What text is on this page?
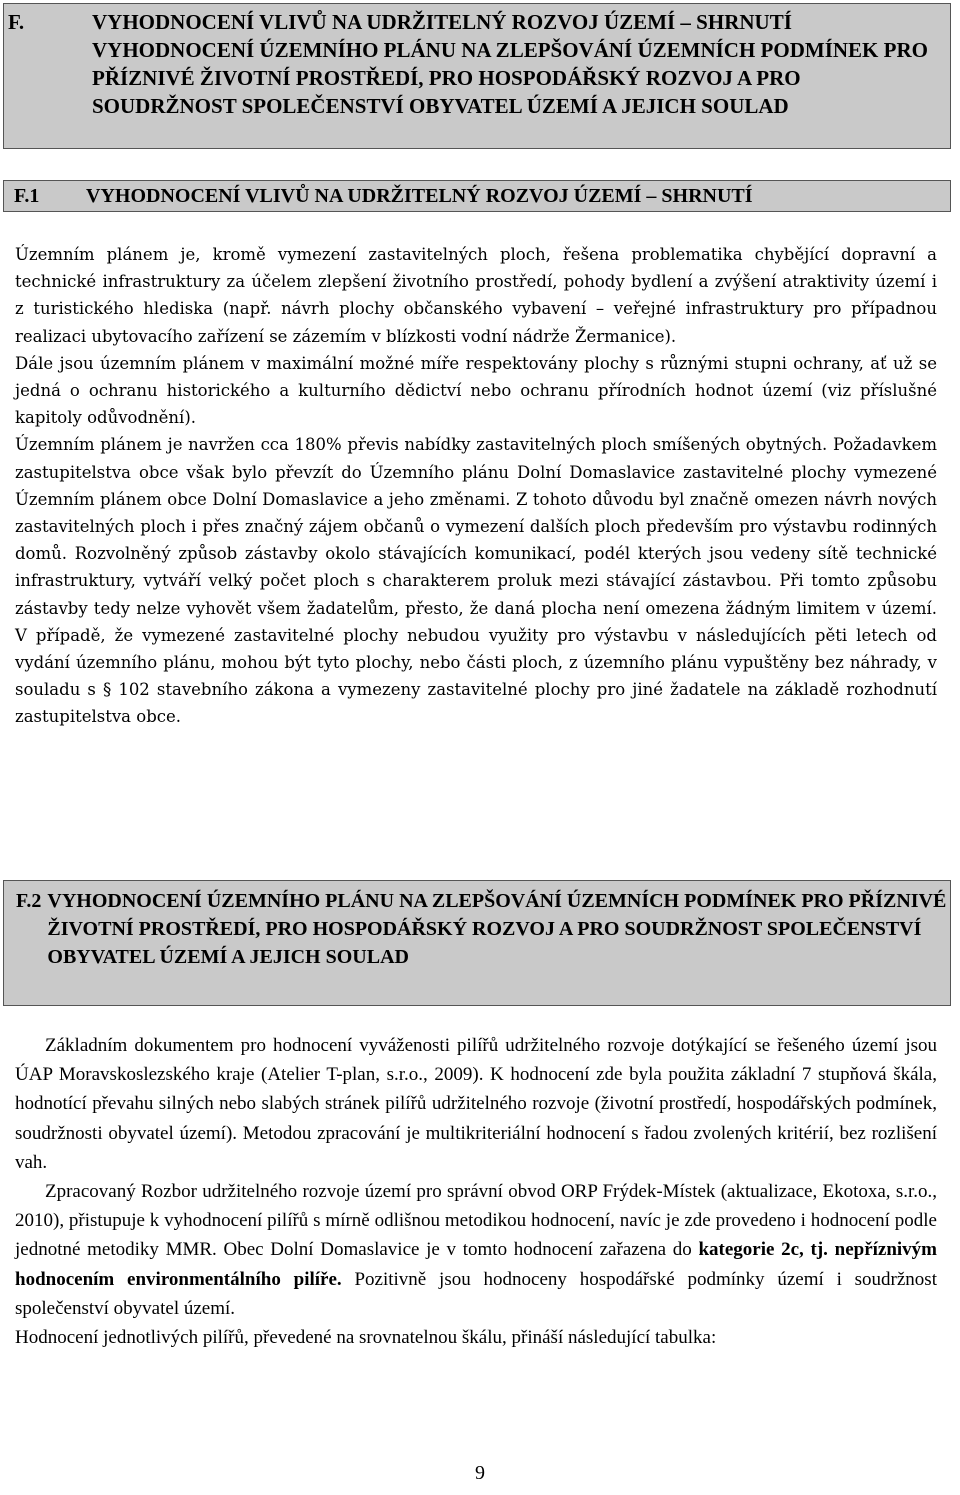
F.	VYHODNOCENÍ VLIVŮ NA UDRŽITELNÝ ROZVOJ ÚZEMÍ – SHRNUTÍ VYHODNOCENÍ ÚZEMNÍHO PLÁNU NA ZLEPŠOVÁNÍ ÚZEMNÍCH PODMÍNEK PRO PŘÍZNIVÉ ŽIVOTNÍ PROSTŘEDÍ, PRO HOSPODÁŘSKÝ ROZVOJ A PRO SOUDRŽNOST SPOLEČENSTVÍ OBYVATEL ÚZEMÍ A JEJICH SOULAD
F.1	VYHODNOCENÍ VLIVŮ NA UDRŽITELNÝ ROZVOJ ÚZEMÍ – SHRNUTÍ

Územním plánem je, kromě vymezení zastavitelných ploch, řešena problematika chybějící dopravní a technické infrastruktury za účelem zlepšení životního prostředí, pohody bydlení a zvýšení atraktivity území i z turistického hlediska (např. návrh plochy občanského vybavení – veřejné infrastruktury pro případnou realizaci ubytovacího zařízení se zázemím v blízkosti vodní nádrže Žermanice).

Dále jsou územním plánem v maximální možné míře respektovány plochy s různými stupni ochrany, ať už se jedná o ochranu historického a kulturního dědictví nebo ochranu přírodních hodnot území (viz příslušné kapitoly odůvodnění).

Územním plánem je navržen cca 180% převis nabídky zastavitelných ploch smíšených obytných. Požadavkem zastupitelstva obce však bylo převzít do Územního plánu Dolní Domaslavice zastavitelné plochy vymezené Územním plánem obce Dolní Domaslavice a jeho změnami. Z tohoto důvodu byl značně omezen návrh nových zastavitelných ploch i přes značný zájem občanů o vymezení dalších ploch především pro výstavbu rodinných domů. Rozvolněný způsob zástavby okolo stávajících komunikací, podél kterých jsou vedeny sítě technické infrastruktury, vytváří velký počet ploch s charakterem proluk mezi stávající zástavbou. Při tomto způsobu zástavby tedy nelze vyhovět všem žadatelům, přesto, že daná plocha není omezena žádným limitem v území. V případě, že vymezené zastavitelné plochy nebudou využity pro výstavbu v následujících pěti letech od vydání územního plánu, mohou být tyto plochy, nebo části ploch, z územního plánu vypuštěny bez náhrady, v souladu s § 102 stavebního zákona a vymezeny zastavitelné plochy pro jiné žadatele na základě rozhodnutí zastupitelstva obce.

F.2 VYHODNOCENÍ ÚZEMNÍHO PLÁNU NA ZLEPŠOVÁNÍ ÚZEMNÍCH PODMÍNEK PRO PŘÍZNIVÉ ŽIVOTNÍ PROSTŘEDÍ, PRO HOSPODÁŘSKÝ ROZVOJ A PRO SOUDRŽNOST SPOLEČENSTVÍ OBYVATEL ÚZEMÍ A JEJICH SOULAD

Základním dokumentem pro hodnocení vyváženosti pilířů udržitelného rozvoje dotýkající se řešeného území jsou ÚAP Moravskoslezského kraje (Atelier T-plan, s.r.o., 2009). K hodnocení zde byla použita základní 7 stupňová škála, hodnotící převahu silných nebo slabých stránek pilířů udržitelného rozvoje (životní prostředí, hospodářských podmínek, soudržnosti obyvatel území). Metodou zpracování je multikriteriální hodnocení s řadou zvolených kritérií, bez rozlišení vah.

Zpracovaný Rozbor udržitelného rozvoje území pro správní obvod ORP Frýdek-Místek (aktualizace, Ekotoxa, s.r.o., 2010), přistupuje k vyhodnocení pilířů s mírně odlišnou metodikou hodnocení, navíc je zde provedeno i hodnocení podle jednotné metodiky MMR. Obec Dolní Domaslavice je v tomto hodnocení zařazena do kategorie 2c, tj. nepříznivým hodnocením environmentálního pilíře. Pozitivně jsou hodnoceny hospodářské podmínky území i soudržnost společenství obyvatel území.

Hodnocení jednotlivých pilířů, převedené na srovnatelnou škálu, přináší následující tabulka:

9
